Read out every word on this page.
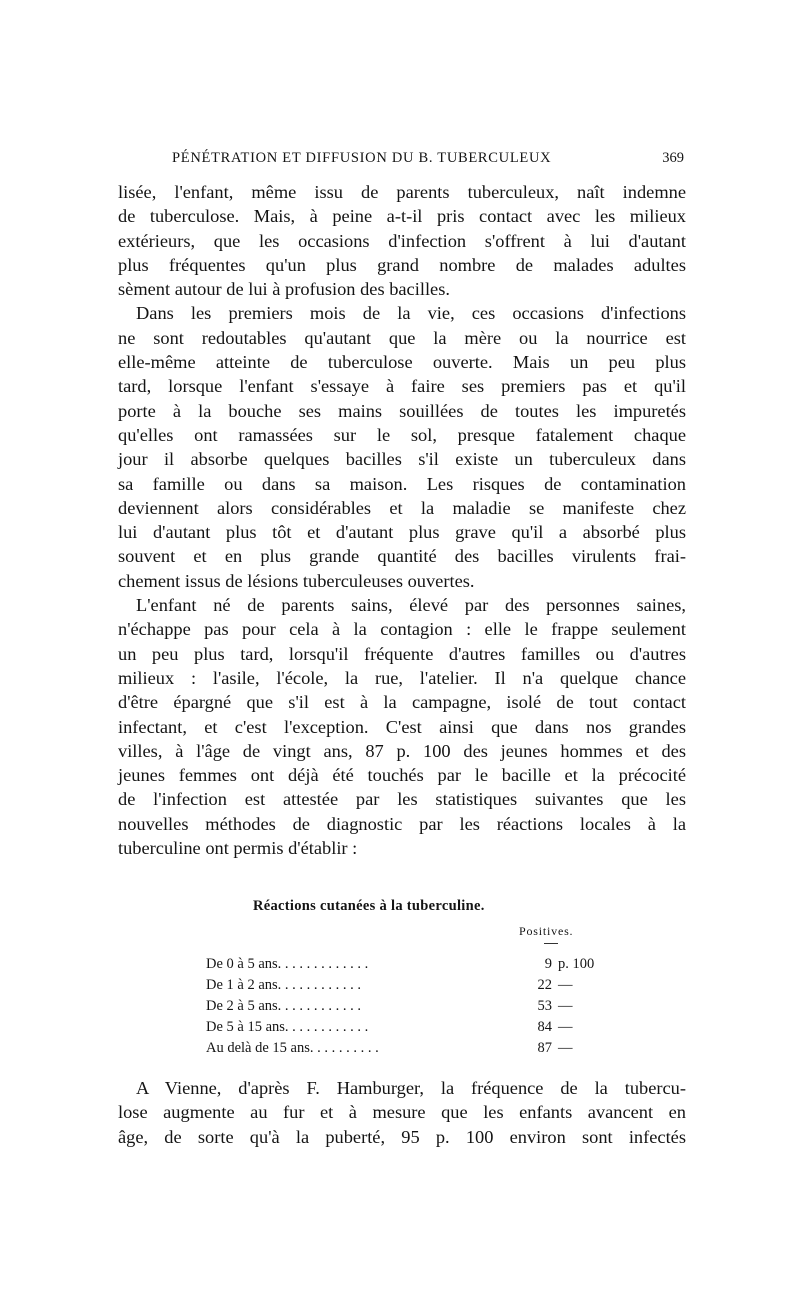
PÉNÉTRATION ET DIFFUSION DU B. TUBERCULEUX	369
lisée, l'enfant, même issu de parents tuberculeux, naît indemne
de tuberculose. Mais, à peine a-t-il pris contact avec les milieux
extérieurs, que les occasions d'infection s'offrent à lui d'autant
plus fréquentes qu'un plus grand nombre de malades adultes
sèment autour de lui à profusion des bacilles.
Dans les premiers mois de la vie, ces occasions d'infections
ne sont redoutables qu'autant que la mère ou la nourrice est
elle-même atteinte de tuberculose ouverte. Mais un peu plus
tard, lorsque l'enfant s'essaye à faire ses premiers pas et qu'il
porte à la bouche ses mains souillées de toutes les impuretés
qu'elles ont ramassées sur le sol, presque fatalement chaque
jour il absorbe quelques bacilles s'il existe un tuberculeux dans
sa famille ou dans sa maison. Les risques de contamination
deviennent alors considérables et la maladie se manifeste chez
lui d'autant plus tôt et d'autant plus grave qu'il a absorbé plus
souvent et en plus grande quantité des bacilles virulents frai-
chement issus de lésions tuberculeuses ouvertes.
L'enfant né de parents sains, élevé par des personnes saines,
n'échappe pas pour cela à la contagion : elle le frappe seulement
un peu plus tard, lorsqu'il fréquente d'autres familles ou d'autres
milieux : l'asile, l'école, la rue, l'atelier. Il n'a quelque chance
d'être épargné que s'il est à la campagne, isolé de tout contact
infectant, et c'est l'exception. C'est ainsi que dans nos grandes
villes, à l'âge de vingt ans, 87 p. 100 des jeunes hommes et des
jeunes femmes ont déjà été touchés par le bacille et la précocité
de l'infection est attestée par les statistiques suivantes que les
nouvelles méthodes de diagnostic par les réactions locales à la
tuberculine ont permis d'établir :
Réactions cutanées à la tuberculine.
Positives.
De 0 à 5 ans. . . . . . . . . . . . .	9 p. 100
De 1 à 2 ans. . . . . . . . . . . .	22 —
De 2 à 5 ans. . . . . . . . . . . .	53 —
De 5 à 15 ans. . . . . . . . . . . .	84 —
Au delà de 15 ans. . . . . . . . . .	87 —
A Vienne, d'après F. Hamburger, la fréquence de la tubercu-
lose augmente au fur et à mesure que les enfants avancent en
âge, de sorte qu'à la puberté, 95 p. 100 environ sont infectés
